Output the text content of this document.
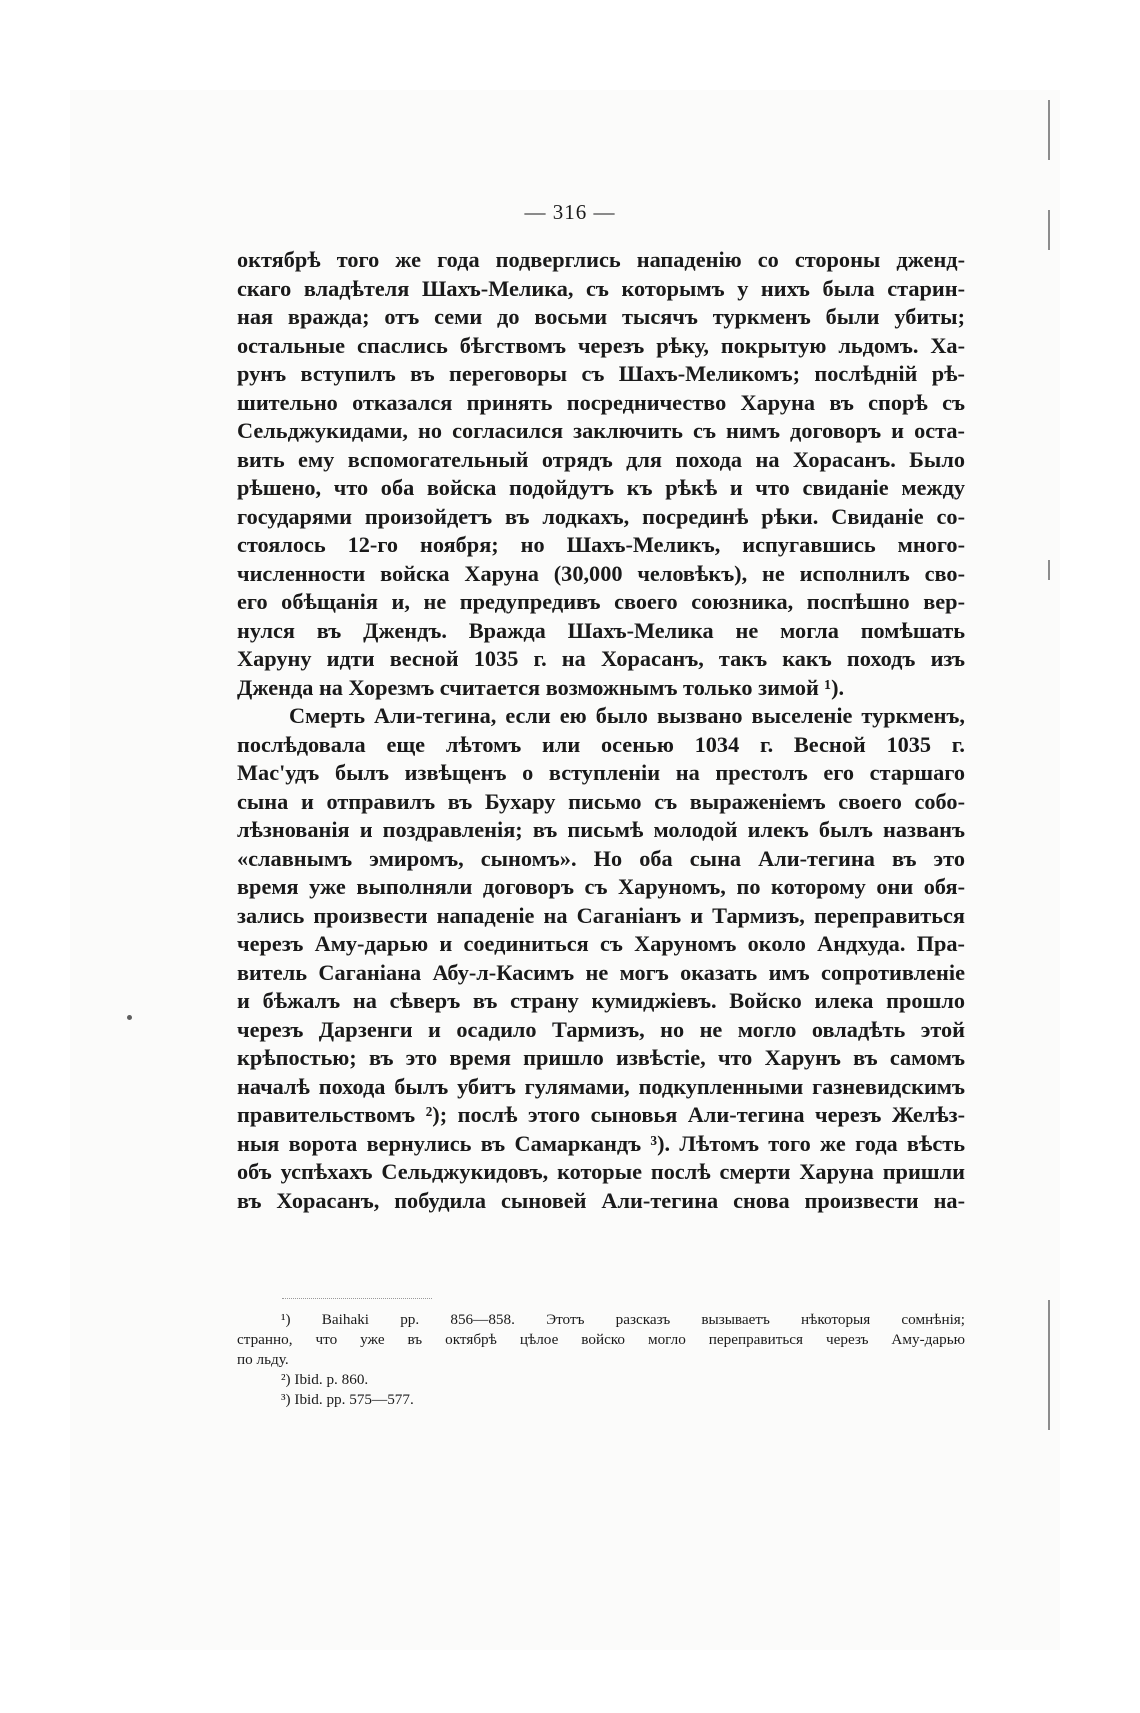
— 316 —
октябрѣ того же года подверглись нападенію со стороны дженд-
скаго владѣтеля Шахъ-Мелика, съ которымъ у нихъ была старин-
ная вражда; отъ семи до восьми тысячъ туркменъ были убиты;
остальные спаслись бѣгствомъ черезъ рѣку, покрытую льдомъ. Ха-
рунъ вступилъ въ переговоры съ Шахъ-Меликомъ; послѣдній рѣ-
шительно отказался принять посредничество Харуна въ спорѣ съ
Сельджукидами, но согласился заключить съ нимъ договоръ и оста-
вить ему вспомогательный отрядъ для похода на Хорасанъ. Было
рѣшено, что оба войска подойдутъ къ рѣкѣ и что свиданіе между
государями произойдетъ въ лодкахъ, посрединѣ рѣки. Свиданіе со-
стоялось 12-го ноября; но Шахъ-Меликъ, испугавшись много-
численности войска Харуна (30,000 человѣкъ), не исполнилъ сво-
его обѣщанія и, не предупредивъ своего союзника, поспѣшно вер-
нулся въ Джендъ. Вражда Шахъ-Мелика не могла помѣшать
Харуну идти весной 1035 г. на Хорасанъ, такъ какъ походъ изъ
Дженда на Хорезмъ считается возможнымъ только зимой ¹).
Смерть Али-тегина, если ею было вызвано выселеніе туркменъ,
послѣдовала еще лѣтомъ или осенью 1034 г. Весной 1035 г.
Мас'удъ былъ извѣщенъ о вступленіи на престолъ его старшаго
сына и отправилъ въ Бухару письмо съ выраженіемъ своего собо-
лѣзнованія и поздравленія; въ письмѣ молодой илекъ былъ названъ
«славнымъ эмиромъ, сыномъ». Но оба сына Али-тегина въ это
время уже выполняли договоръ съ Харуномъ, по которому они обя-
зались произвести нападеніе на Саганіанъ и Тармизъ, переправиться
черезъ Аму-дарью и соединиться съ Харуномъ около Андхуда. Пра-
витель Саганіана Абу-л-Касимъ не могъ оказать имъ сопротивленіе
и бѣжалъ на сѣверъ въ страну кумиджіевъ. Войско илека прошло
черезъ Дарзенги и осадило Тармизъ, но не могло овладѣть этой
крѣпостью; въ это время пришло извѣстіе, что Харунъ въ самомъ
началѣ похода былъ убитъ гулямами, подкупленными газневидскимъ
правительствомъ ²); послѣ этого сыновья Али-тегина черезъ Желѣз-
ныя ворота вернулись въ Самаркандъ ³). Лѣтомъ того же года вѣсть
объ успѣхахъ Сельджукидовъ, которые послѣ смерти Харуна пришли
въ Хорасанъ, побудила сыновей Али-тегина снова произвести на-
¹) Baihaki pp. 856—858. Этотъ разсказъ вызываетъ нѣкоторыя сомнѣнія;
странно, что уже въ октябрѣ цѣлое войско могло переправиться черезъ Аму-дарью
по льду.
²) Ibid. p. 860.
³) Ibid. pp. 575—577.
